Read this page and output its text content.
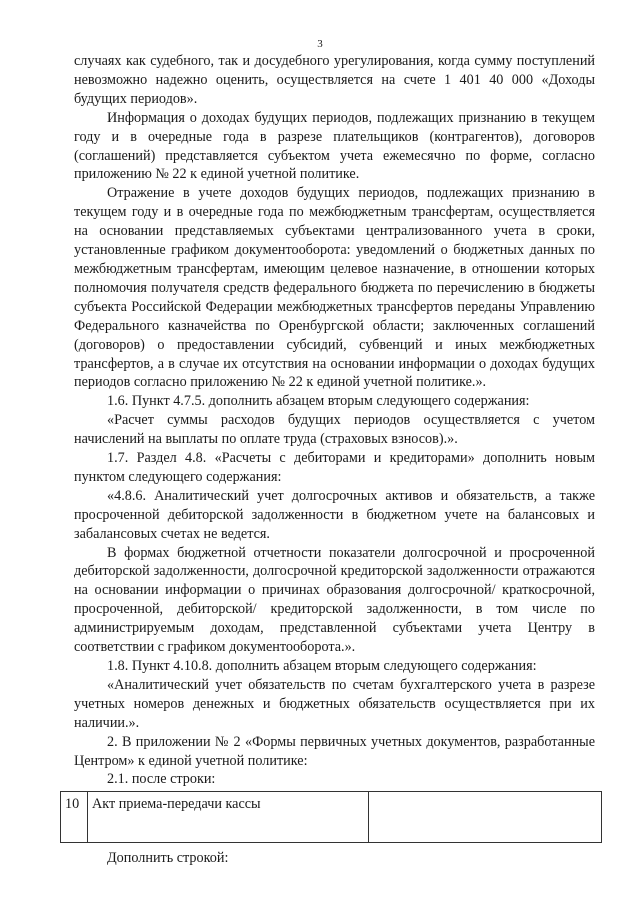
3

случаях как судебного, так и досудебного урегулирования, когда сумму поступлений невозможно надежно оценить, осуществляется на счете 1 401 40 000 «Доходы будущих периодов».

Информация о доходах будущих периодов, подлежащих признанию в текущем году и в очередные года в разрезе плательщиков (контрагентов), договоров (соглашений) представляется субъектом учета ежемесячно по форме, согласно приложению № 22 к единой учетной политике.

Отражение в учете доходов будущих периодов, подлежащих признанию в текущем году и в очередные года по межбюджетным трансфертам, осуществляется на основании представляемых субъектами централизованного учета в сроки, установленные графиком документооборота: уведомлений о бюджетных данных по межбюджетным трансфертам, имеющим целевое назначение, в отношении которых полномочия получателя средств федерального бюджета по перечислению в бюджеты субъекта Российской Федерации межбюджетных трансфертов переданы Управлению Федерального казначейства по Оренбургской области; заключенных соглашений (договоров) о предоставлении субсидий, субвенций и иных межбюджетных трансфертов, а в случае их отсутствия на основании информации о доходах будущих периодов согласно приложению № 22 к единой учетной политике.».

1.6. Пункт 4.7.5. дополнить абзацем вторым следующего содержания:

«Расчет суммы расходов будущих периодов осуществляется с учетом начислений на выплаты по оплате труда (страховых взносов).».

1.7. Раздел 4.8. «Расчеты с дебиторами и кредиторами» дополнить новым пунктом следующего содержания:

«4.8.6. Аналитический учет долгосрочных активов и обязательств, а также просроченной дебиторской задолженности в бюджетном учете на балансовых и забалансовых счетах не ведется.

В формах бюджетной отчетности показатели долгосрочной и просроченной дебиторской задолженности, долгосрочной кредиторской задолженности отражаются на основании информации о причинах образования долгосрочной/ краткосрочной, просроченной, дебиторской/ кредиторской задолженности, в том числе по администрируемым доходам, представленной субъектами учета Центру в соответствии с графиком документооборота.».

1.8. Пункт 4.10.8. дополнить абзацем вторым следующего содержания:

«Аналитический учет обязательств по счетам бухгалтерского учета в разрезе учетных номеров денежных и бюджетных обязательств осуществляется при их наличии.».

2. В приложении № 2 «Формы первичных учетных документов, разработанные Центром» к единой учетной политике:

2.1. после строки:

10	Акт приема-передачи кассы	

Дополнить строкой:
